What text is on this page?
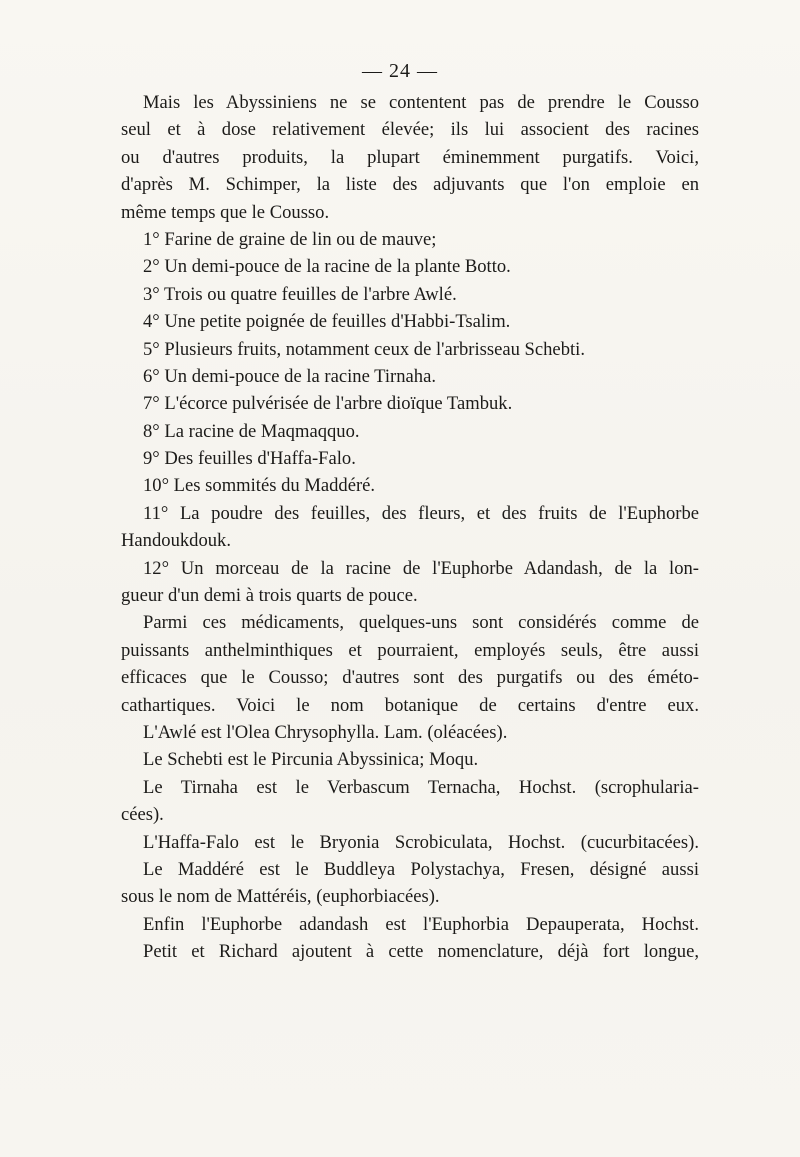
— 24 —
Mais les Abyssiniens ne se contentent pas de prendre le Cousso
seul et à dose relativement élevée; ils lui associent des racines
ou d'autres produits, la plupart éminemment purgatifs. Voici,
d'après M. Schimper, la liste des adjuvants que l'on emploie en
même temps que le Cousso.
1° Farine de graine de lin ou de mauve;
2° Un demi-pouce de la racine de la plante Botto.
3° Trois ou quatre feuilles de l'arbre Awlé.
4° Une petite poignée de feuilles d'Habbi-Tsalim.
5° Plusieurs fruits, notamment ceux de l'arbrisseau Schebti.
6° Un demi-pouce de la racine Tirnaha.
7° L'écorce pulvérisée de l'arbre dioïque Tambuk.
8° La racine de Maqmaqquo.
9° Des feuilles d'Haffa-Falo.
10° Les sommités du Maddéré.
11° La poudre des feuilles, des fleurs, et des fruits de l'Euphorbe
Handoukdouk.
12° Un morceau de la racine de l'Euphorbe Adandash, de la lon-
gueur d'un demi à trois quarts de pouce.
Parmi ces médicaments, quelques-uns sont considérés comme de
puissants anthelminthiques et pourraient, employés seuls, être aussi
efficaces que le Cousso; d'autres sont des purgatifs ou des éméto-
cathartiques. Voici le nom botanique de certains d'entre eux.
L'Awlé est l'Olea Chrysophylla. Lam. (oléacées).
Le Schebti est le Pircunia Abyssinica; Moqu.
Le Tirnaha est le Verbascum Ternacha, Hochst. (scrophularia-
cées).
L'Haffa-Falo est le Bryonia Scrobiculata, Hochst. (cucurbitacées).
Le Maddéré est le Buddleya Polystachya, Fresen, désigné aussi
sous le nom de Mattéréis, (euphorbiacées).
Enfin l'Euphorbe adandash est l'Euphorbia Depauperata, Hochst.
Petit et Richard ajoutent à cette nomenclature, déjà fort longue,
